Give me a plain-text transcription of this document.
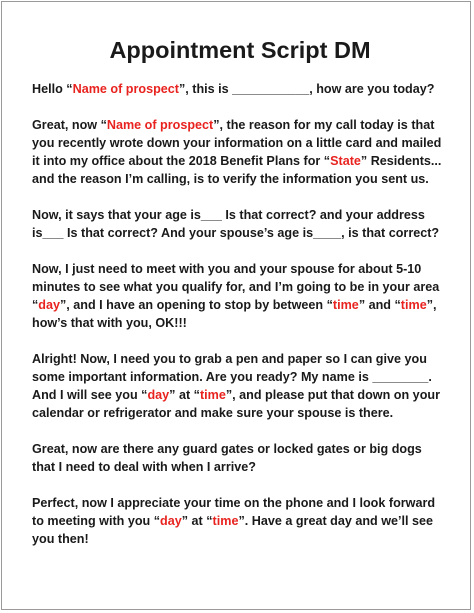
Appointment Script DM

Hello “Name of prospect”, this is ___________, how are you today?

Great, now “Name of prospect”, the reason for my call today is that you recently wrote down your information on a little card and mailed it into my office about the 2018 Benefit Plans for “State” Residents... and the reason I’m calling, is to verify the information you sent us.

Now, it says that your age is___ Is that correct? and your address is___ Is that correct? And your spouse’s age is____, is that correct?

Now, I just need to meet with you and your spouse for about 5-10 minutes to see what you qualify for, and I’m going to be in your area “day”, and I have an opening to stop by between “time” and “time”, how’s that with you, OK!!!

Alright! Now, I need you to grab a pen and paper so I can give you some important information. Are you ready? My name is ________. And I will see you “day” at “time”, and please put that down on your calendar or refrigerator and make sure your spouse is there.

Great, now are there any guard gates or locked gates or big dogs that I need to deal with when I arrive?

Perfect, now I appreciate your time on the phone and I look forward to meeting with you “day” at “time”. Have a great day and we’ll see you then!
